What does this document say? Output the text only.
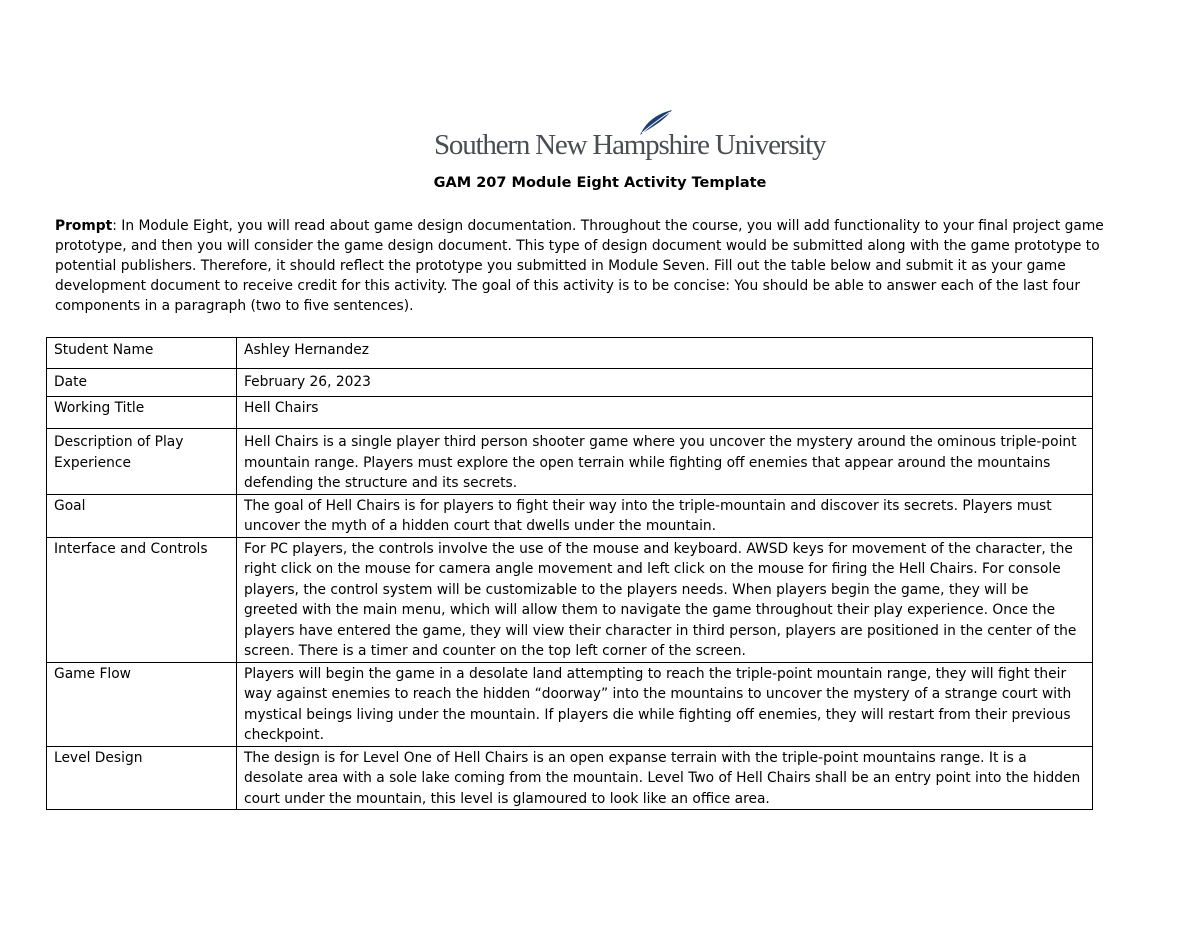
Southern New Hampshire University
GAM 207 Module Eight Activity Template
Prompt: In Module Eight, you will read about game design documentation. Throughout the course, you will add functionality to your final project game prototype, and then you will consider the game design document. This type of design document would be submitted along with the game prototype to potential publishers. Therefore, it should reflect the prototype you submitted in Module Seven. Fill out the table below and submit it as your game development document to receive credit for this activity. The goal of this activity is to be concise: You should be able to answer each of the last four components in a paragraph (two to five sentences).
Student Name	Ashley Hernandez
Date	February 26, 2023
Working Title	Hell Chairs
Description of Play Experience	Hell Chairs is a single player third person shooter game where you uncover the mystery around the ominous triple-point mountain range. Players must explore the open terrain while fighting off enemies that appear around the mountains defending the structure and its secrets.
Goal	The goal of Hell Chairs is for players to fight their way into the triple-mountain and discover its secrets. Players must uncover the myth of a hidden court that dwells under the mountain.
Interface and Controls	For PC players, the controls involve the use of the mouse and keyboard. AWSD keys for movement of the character, the right click on the mouse for camera angle movement and left click on the mouse for firing the Hell Chairs. For console players, the control system will be customizable to the players needs. When players begin the game, they will be greeted with the main menu, which will allow them to navigate the game throughout their play experience. Once the players have entered the game, they will view their character in third person, players are positioned in the center of the screen. There is a timer and counter on the top left corner of the screen.
Game Flow	Players will begin the game in a desolate land attempting to reach the triple-point mountain range, they will fight their way against enemies to reach the hidden “doorway” into the mountains to uncover the mystery of a strange court with mystical beings living under the mountain. If players die while fighting off enemies, they will restart from their previous checkpoint.
Level Design	The design is for Level One of Hell Chairs is an open expanse terrain with the triple-point mountains range. It is a desolate area with a sole lake coming from the mountain. Level Two of Hell Chairs shall be an entry point into the hidden court under the mountain, this level is glamoured to look like an office area.
